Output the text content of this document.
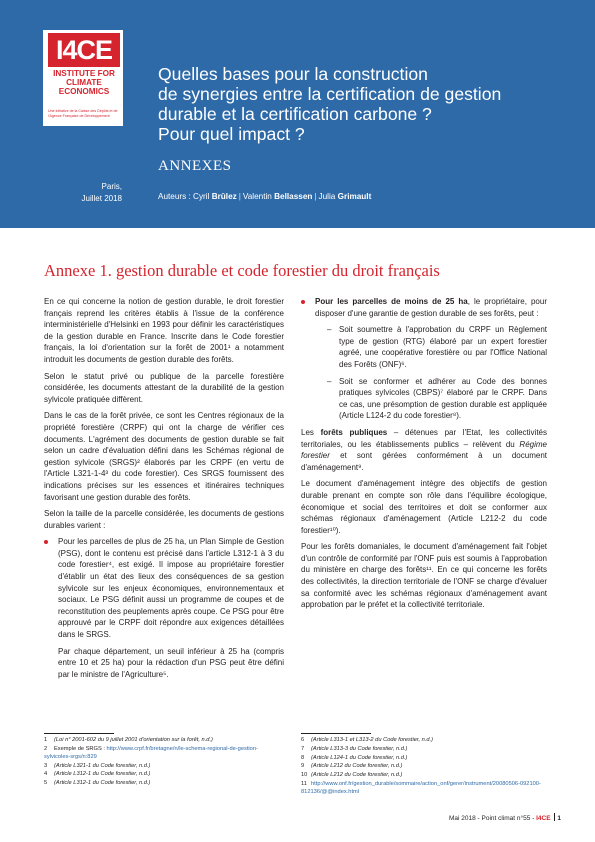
I4CE
INSTITUTE FOR
CLIMATE
ECONOMICS
Une initiative de la Caisse des Dépôts et de l'Agence Française de Développement
Quelles bases pour la construction
de synergies entre la certification de gestion
durable et la certification carbone ?
Pour quel impact ?
ANNEXES
Paris,
Juillet 2018	Auteurs : Cyril Brûlez | Valentin Bellassen | Julia Grimault
Annexe 1. gestion durable et code forestier du droit français

En ce qui concerne la notion de gestion durable, le droit forestier français reprend les critères établis à l'issue de la conférence interministérielle d'Helsinki en 1993 pour définir les caractéristiques de la gestion durable en France. Inscrite dans le Code forestier français, la loi d'orientation sur la forêt de 2001¹ a notamment introduit les documents de gestion durable des forêts.

Selon le statut privé ou publique de la parcelle forestière considérée, les documents attestant de la durabilité de la gestion sylvicole pratiquée diffèrent.

Dans le cas de la forêt privée, ce sont les Centres régionaux de la propriété forestière (CRPF) qui ont la charge de vérifier ces documents. L'agrément des documents de gestion durable se fait selon un cadre d'évaluation défini dans les Schémas régional de gestion sylvicole (SRGS)² élaborés par les CRPF (en vertu de l'Article L321-1-4³ du code forestier). Ces SRGS fournissent des indications précises sur les essences et itinéraires techniques favorisant une gestion durable des forêts.

Selon la taille de la parcelle considérée, les documents de gestions durables varient :

Pour les parcelles de plus de 25 ha, un Plan Simple de Gestion (PSG), dont le contenu est précisé dans l'article L312-1 à 3 du code forestier⁴, est exigé. Il impose au propriétaire forestier d'établir un état des lieux des conséquences de sa gestion sylvicole sur les enjeux économiques, environnementaux et sociaux. Le PSG définit aussi un programme de coupes et de reconstitution des peuplements après coupe. Ce PSG pour être approuvé par le CRPF doit répondre aux exigences détaillées dans le SRGS.

Par chaque département, un seuil inférieur à 25 ha (compris entre 10 et 25 ha) pour la rédaction d'un PSG peut être défini par le ministre de l'Agriculture⁵.

1 (Loi n° 2001-602 du 9 juillet 2001 d'orientation sur la forêt, n.d.)
2 Exemple de SRGS : http://www.crpf.fr/bretagne/n/le-schema-regional-de-gestion-sylvicoles-srgs/n:829
3 (Article L321-1 du Code forestier, n.d.)
4 (Article L312-1 du Code forestier, n.d.)
5 (Article L312-1 du Code forestier, n.d.)

Pour les parcelles de moins de 25 ha, le propriétaire, pour disposer d'une garantie de gestion durable de ses forêts, peut :

– Soit soumettre à l'approbation du CRPF un Règlement type de gestion (RTG) élaboré par un expert forestier agréé, une coopérative forestière ou par l'Office National des Forêts (ONF)⁶.

– Soit se conformer et adhérer au Code des bonnes pratiques sylvicoles (CBPS)⁷ élaboré par le CRPF. Dans ce cas, une présomption de gestion durable est appliquée (Article L124-2 du code forestier⁸).

Les forêts publiques – détenues par l'Etat, les collectivités territoriales, ou les établissements publics – relèvent du Régime forestier et sont gérées conformément à un document d'aménagement⁹.

Le document d'aménagement intègre des objectifs de gestion durable prenant en compte son rôle dans l'équilibre écologique, économique et social des territoires et doit se conformer aux schémas régionaux d'aménagement (Article L212-2 du code forestier¹⁰).

Pour les forêts domaniales, le document d'aménagement fait l'objet d'un contrôle de conformité par l'ONF puis est soumis à l'approbation du ministère en charge des forêts¹¹. En ce qui concerne les forêts des collectivités, la direction territoriale de l'ONF se charge d'évaluer sa conformité avec les schémas régionaux d'aménagement avant approbation par le préfet et la collectivité territoriale.

6 (Article L313-1 et L313-2 du Code forestier, n.d.)
7 (Article L313-3 du Code forestier, n.d.)
8 (Article L124-1 du Code forestier, n.d.)
9 (Article L212 du Code forestier, n.d.)
10 (Article L212 du Code forestier, n.d.)
11 http://www.onf.fr/gestion_durable/sommaire/action_onf/gerer/instrument/20080506-092100-812136/@@index.html
Mai 2018 - Point climat n°55 - I4CE 1
